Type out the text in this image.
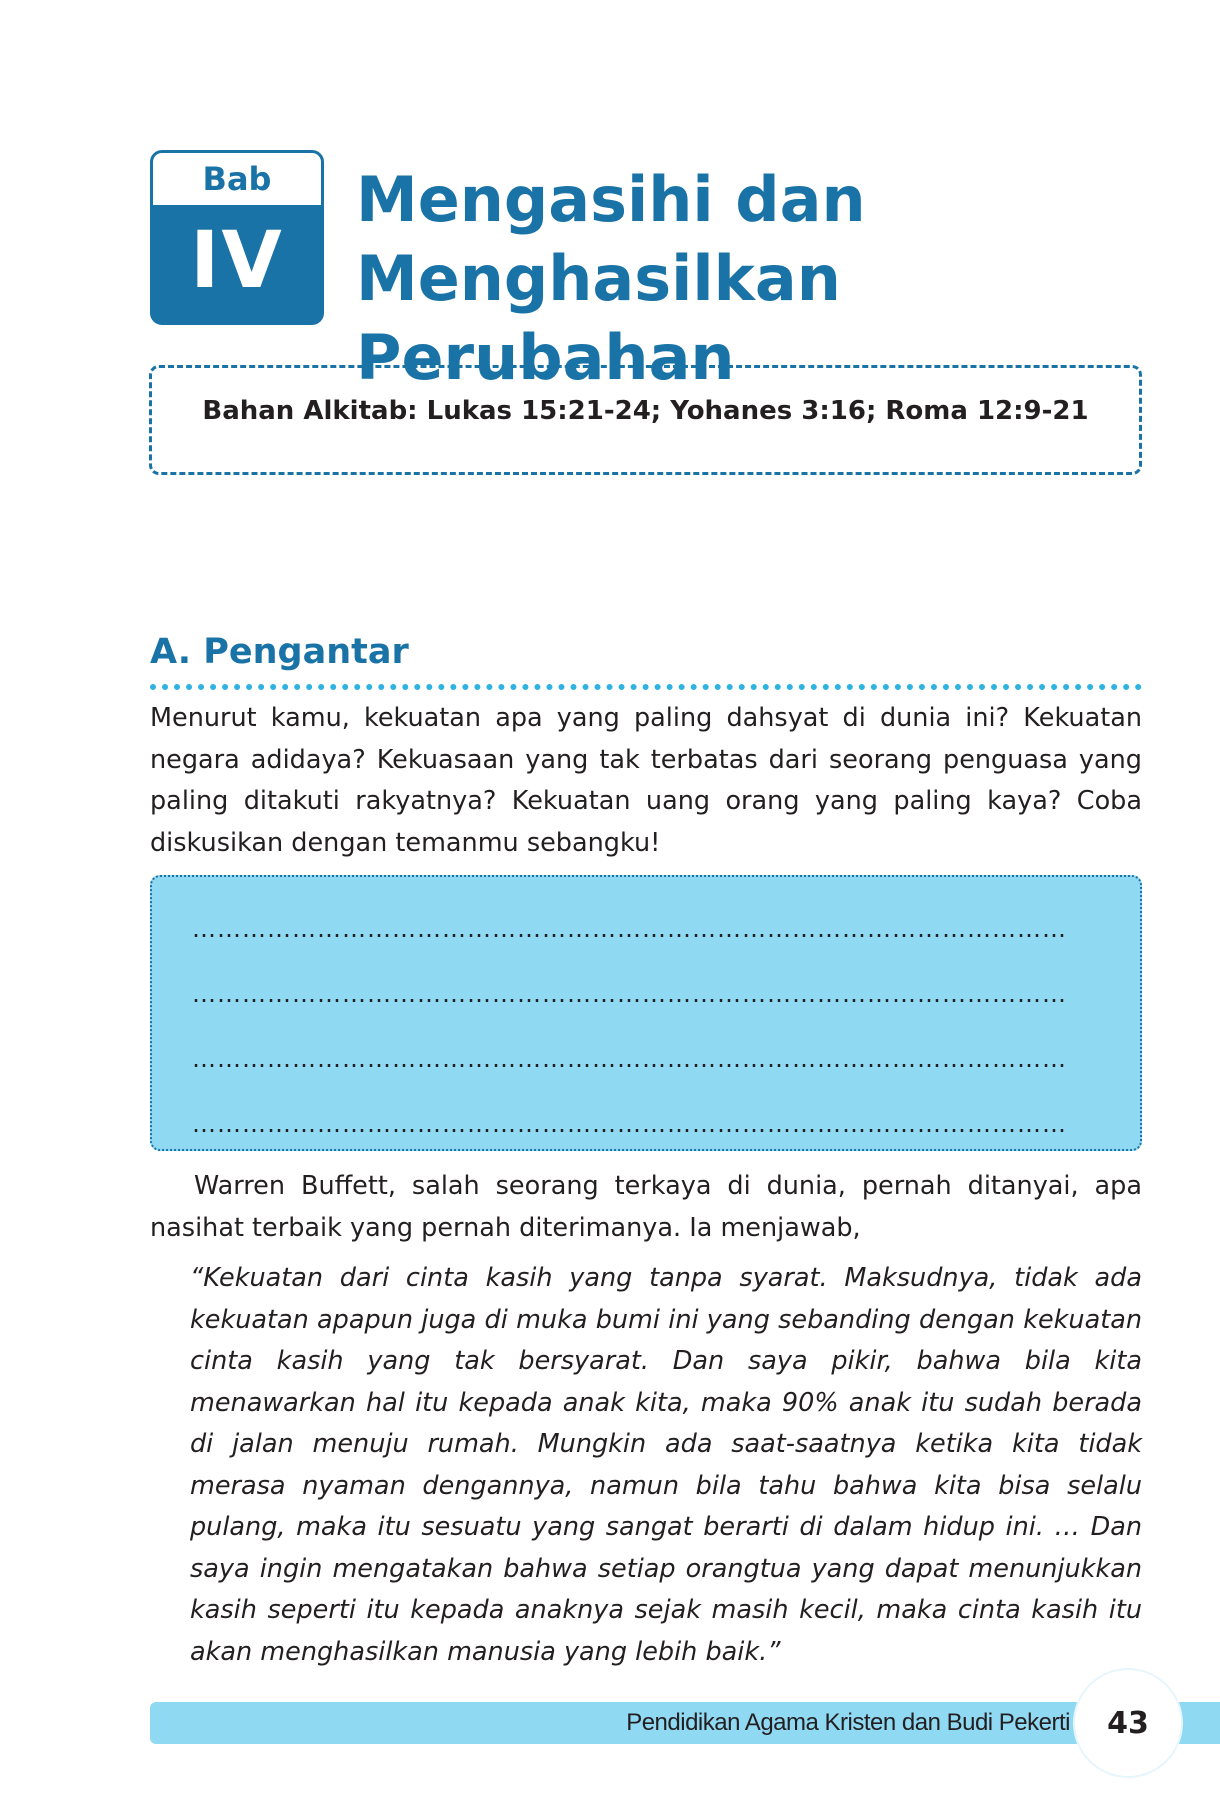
Bab
IV
Mengasihi dan
Menghasilkan Perubahan
Bahan Alkitab: Lukas 15:21-24; Yohanes 3:16; Roma 12:9-21
A. Pengantar

Menurut kamu, kekuatan apa yang paling dahsyat di dunia ini? Kekuatan negara adidaya? Kekuasaan yang tak terbatas dari seorang penguasa yang paling ditakuti rakyatnya? Kekuatan uang orang yang paling kaya? Coba diskusikan dengan temanmu sebangku!

……………………………………………………………………………………………
……………………………………………………………………………………………
……………………………………………………………………………………………
……………………………………………………………………………………………

Warren Buffett, salah seorang terkaya di dunia, pernah ditanyai, apa nasihat terbaik yang pernah diterimanya. Ia menjawab,

“Kekuatan dari cinta kasih yang tanpa syarat. Maksudnya, tidak ada kekuatan apapun juga di muka bumi ini yang sebanding dengan kekuatan cinta kasih yang tak bersyarat. Dan saya pikir, bahwa bila kita menawarkan hal itu kepada anak kita, maka 90% anak itu sudah berada di jalan menuju rumah. Mungkin ada saat-saatnya ketika kita tidak merasa nyaman dengannya, namun bila tahu bahwa kita bisa selalu pulang, maka itu sesuatu yang sangat berarti di dalam hidup ini. … Dan saya ingin mengatakan bahwa setiap orangtua yang dapat menunjukkan kasih seperti itu kepada anaknya sejak masih kecil, maka cinta kasih itu akan menghasilkan manusia yang lebih baik.”

Pendidikan Agama Kristen dan Budi Pekerti 43
